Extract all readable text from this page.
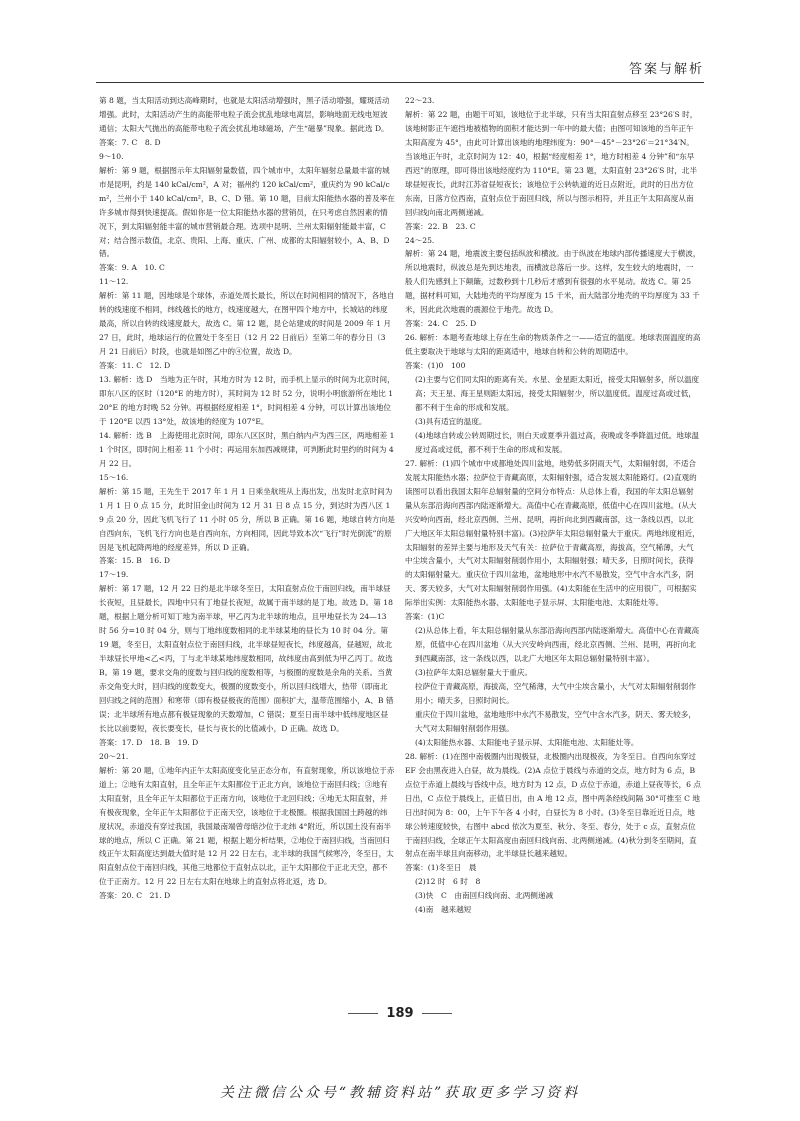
答案与解析

第 8 题，当太阳活动到达高峰期时，也就是太阳活动增强时，黑子活动增强，耀斑活动增强。此时，太阳活动产生的高能带电粒子流会扰乱地球电离层，影响地面无线电短波通信；太阳大气抛出的高能带电粒子流会扰乱地球磁场，产生“磁暴”现象。据此选 D。

答案：7. C　8. D

9～10.

解析：第 9 题，根据图示年太阳辐射量数值，四个城市中，太阳年辐射总量最丰富的城市是昆明，约是 140 kCal/cm²，A 对；福州约 120 kCal/cm²，重庆约为 90 kCal/cm²，兰州小于 140 kCal/cm²，B、C、D 错。第 10 题，目前太阳能热水器的普及率在许多城市得到快速提高。假如你是一位太阳能热水器的营销员，在只考虑自然因素的情况下，到太阳辐射能丰富的城市营销最合理。选项中昆明、兰州太阳辐射能最丰富，C 对；结合图示数值，北京、贵阳、上海、重庆、广州、成都的太阳辐射较小，A、B、D 错。

答案：9. A　10. C

11～12.

解析：第 11 题，因地球是个球体，赤道处周长最长，所以在时间相同的情况下，各地自转的线速度不相同，纬线越长的地方，线速度越大，在图甲四个地方中，长城站的纬度最高，所以自转的线速度最大，故选 C。第 12 题，昆仑站建成的时间是 2009 年 1 月 27 日，此时，地球运行的位置处于冬至日（12 月 22 日前后）至第二年的春分日（3 月 21 日前后）时段，也就是如图乙中的④位置，故选 D。

答案：11. C　12. D

13. 解析：选 D　当地为正午时，其地方时为 12 时，而手机上显示的时间为北京时间，即东八区的区时（120°E 的地方时），其时间为 12 时 52 分，说明小明旅游所在地比 120°E 的地方时晚 52 分钟。再根据经度相差 1°，时间相差 4 分钟，可以计算出该地位于 120°E 以西 13°处，故该地的经度为 107°E。

14. 解析：选 B　上海使用北京时间，即东八区区时，黑白纳内卢为西三区，两地相差 11 个时区，即时间上相差 11 个小时；再运用东加西减规律，可判断此时里约的时间为 4 月 22 日。

15～16.

解析：第 15 题，王先生于 2017 年 1 月 1 日乘坐航班从上海出发，出发时北京时间为 1 月 1 日 0 点 15 分，此时旧金山时间为 12 月 31 日 8 点 15 分，到达时为西八区 19 点 20 分，因此飞机飞行了 11 小时 05 分，所以 B 正确。第 16 题，地球自转方向是自西向东，飞机飞行方向也是自西向东，方向相同，因此导致本次“飞行”时光倒流”的原因是飞机起降两地的经度差异，所以 D 正确。

答案：15. B　16. D

17～19.

解析：第 17 题，12 月 22 日约是北半球冬至日，太阳直射点位于南回归线，南半球昼长夜短，且昼最长，四地中只有丁地昼长夜短，故属于南半球的是丁地。故选 D。第 18 题，根据上题分析可知丁地为南半球，甲乙丙为北半球的地点，且甲地昼长为 24—13 时 56 分=10 时 04 分，则与丁地纬度数相同的北半球某地的昼长为 10 时 04 分。第 19 题，冬至日，太阳直射点位于南回归线，北半球昼短夜长，纬度越高，昼越短，故北半球昼长甲地<乙<丙，丁与北半球某地纬度数相同，故纬度由高到低为甲乙丙丁。故选 B。第 19 题，要求交角的度数与回归线的度数相等，与极圈的度数是余角的关系。当黄赤交角变大时，回归线的度数变大，极圈的度数变小，所以回归线增大，热带（即南北回归线之间的范围）和寒带（即有极昼极夜的范围）面积扩大，温带范围缩小，A、B 错误；北半球所有地点都有极昼现象的天数增加，C 错误；夏至日南半球中低纬度地区昼长比以前要短，夜长要变长，昼长与夜长的比值减小，D 正确。故选 D。

答案：17. D　18. B　19. D

20～21.

解析：第 20 题，①地年内正午太阳高度变化呈正态分布，有直射现象，所以该地位于赤道上；②地有太阳直射，且全年正午太阳都位于正北方向，该地位于南回归线；③地有太阳直射，且全年正午太阳都位于正南方向，该地位于北回归线；④地无太阳直射，并有极夜现象，全年正午太阳都位于正南天空，该地位于北极圈。根据我国国土跨越的纬度状况，赤道没有穿过我国，我国最南端曾母暗沙位于北纬 4°附近，所以国土没有南半球的地点，所以 C 正确。第 21 题，根据上题分析结果，②地位于南回归线，当南回归线正午太阳高度达到最大值时是 12 月 22 日左右，北半球的我国气候寒冷，冬至日，太阳直射点位于南回归线，其他三地都位于直射点以北，正午太阳都位于正北天空，都不位于正南方。12 月 22 日左右太阳在地球上的直射点将北返，选 D。

答案：20. C　21. D

22～23.

解析：第 22 题，由题干可知，该地位于北半球，只有当太阳直射点移至 23°26′S 时，该地树影正午遮挡地被植物的面积才能达到一年中的最大值；由图可知该地的当年正午太阳高度为 45°，由此可计算出该地的地理纬度为：90°－45°－23°26′＝21°34′N。当该地正午时，北京时间为 12：40，根据“经度相差 1°，地方时相差 4 分钟”和“东早西迟”的原理，即可得出该地经度约为 110°E。第 23 题，太阳直射 23°26′S 时，北半球昼短夜长，此时江苏省昼短夜长；该地位于公转轨道的近日点附近，此时的日出方位东南，日落方位西南，直射点位于南回归线，所以与图示相符，并且正午太阳高度从南回归线向南北两侧递减。

答案：22. B　23. C

24～25.

解析：第 24 题，地震波主要包括纵波和横波。由于纵波在地球内部传播速度大于横波，所以地震时，纵波总是先到达地表，而横波总落后一步。这样，发生较大的地震时，一般人们先感到上下颠簸，过数秒到十几秒后才感到有很强的水平晃动。故选 C。第 25 题，据材料可知，大陆地壳的平均厚度为 15 千米，而大陆部分地壳的平均厚度为 33 千米，因此此次地震的震源位于地壳。故选 D。

答案：24. C　25. D

26. 解析：本题考查地球上存在生命的物质条件之一——适宜的温度。地球表面温度的高低主要取决于地球与太阳的距离适中，地球自转和公转的周期适中。

答案：(1)0　100

(2)主要与它们同太阳的距离有关。水星、金星距太阳近，接受太阳辐射多，所以温度高；天王星、海王星则距太阳远，接受太阳辐射少，所以温度低。温度过高或过低，都不利于生命的形成和发展。

(3)具有适宜的温度。

(4)地球自转或公转周期过长，则白天或夏季升温过高，夜晚或冬季降温过低。地球温度过高或过低，都不利于生命的形成和发展。

27. 解析：(1)四个城市中成都地处四川盆地，地势低多阴雨天气，太阳辐射弱，不适合发展太阳能热水器；拉萨位于青藏高原，太阳辐射强，适合发展太阳能路灯。(2)直观的读图可以看出我国太阳年总辐射量的空间分布特点：从总体上看，我国的年太阳总辐射量从东部沿海向西部内陆逐渐增大。高值中心在青藏高原，低值中心在四川盆地。(从大兴安岭向西南，经北京西侧、兰州、昆明，再折向北到西藏南部，这一条线以西，以北广大地区年太阳总辐射量特别丰富)。(3)拉萨年太阳总辐射量大于重庆。两地纬度相近，太阳辐射的差异主要与地形及天气有关：拉萨位于青藏高原，海拔高，空气稀薄，大气中尘埃含量小，大气对太阳辐射削弱作用小，太阳辐射强；晴天多，日照时间长，获得的太阳辐射量大。重庆位于四川盆地，盆地地形中水汽不易散发，空气中含水汽多，阴天、雾天较多，大气对太阳辐射削弱作用强。(4)太阳能在生活中的应用很广，可根据实际举出实例：太阳能热水器、太阳能电子显示屏、太阳能电池、太阳能灶等。

答案：(1)C

(2)从总体上看，年太阳总辐射量从东部沿海向西部内陆逐渐增大。高值中心在青藏高原，低值中心在四川盆地（从大兴安岭向西南，经北京西侧、兰州、昆明，再折向北到西藏南部，这一条线以西，以北广大地区年太阳总辐射量特别丰富）。

(3)拉萨年太阳总辐射量大于重庆。

拉萨位于青藏高原，海拔高，空气稀薄，大气中尘埃含量小，大气对太阳辐射削弱作用小；晴天多，日照时间长。

重庆位于四川盆地，盆地地形中水汽不易散发，空气中含水汽多，阴天、雾天较多，大气对太阳辐射削弱作用强。

(4)太阳能热水器、太阳能电子显示屏、太阳能电池、太阳能灶等。

28. 解析：(1)在图中南极圈内出现极昼，北极圈内出现极夜，为冬至日。自西向东穿过 EF 会由黑夜进入白昼，故为晨线。(2)A 点位于晨线与赤道的交点，地方时为 6 点，B 点位于赤道上晨线与昏线中点，地方时为 12 点，D 点位于赤道，赤道上昼夜等长，6 点日出，C 点位于晨线上，正值日出，由 A 地 12 点，图中两条经线间隔 30°可推至 C 地日出时间为 8：00，上午下午各 4 小时，白昼长为 8 小时。(3)冬至日靠近近日点，地球公转速度较快，右图中 abcd 依次为夏至、秋分、冬至、春分，处于 c 点，直射点位于南回归线，全球正午太阳高度由南回归线向南、北两侧递减。(4)秋分到冬至期间，直射点在南半球且向南移动，北半球昼长越来越短。

答案：(1)冬至日　晨

(2)12 时　6 时　8

(3)快　C　由南回归线向南、北两侧递减

(4)南　越来越短

189
关注微信公众号“教辅资料站”获取更多学习资料
